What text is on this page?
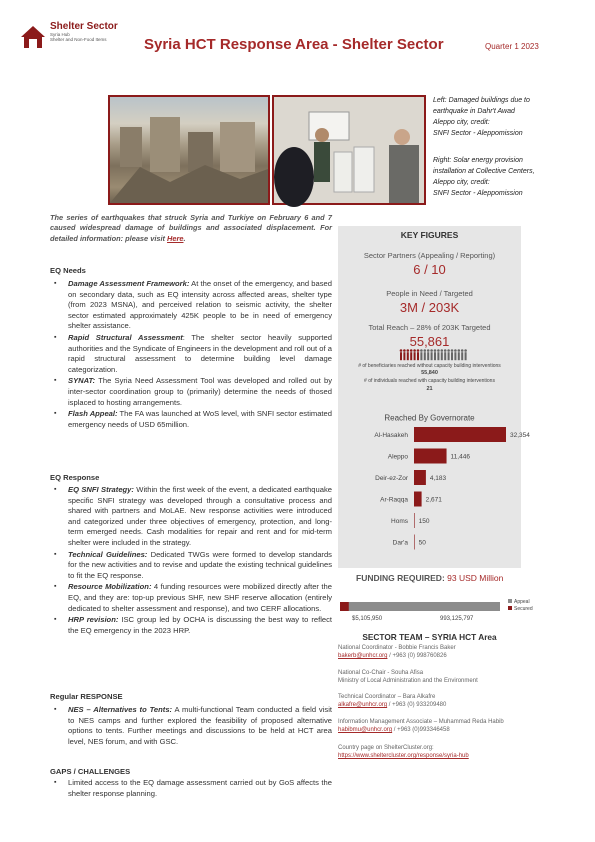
Shelter Sector
Syria Hub
Shelter and Non-Food Items	Syria HCT Response Area - Shelter Sector	Quarter 1 2023
Left: Damaged buildings due to
earthquake in Dahr't Awad
Aleppo city, credit:
SNFI Sector - Aleppomission
Right: Solar energy provision
installation at Collective Centers,
Aleppo city, credit:
SNFI Sector - Aleppomission
The series of earthquakes that struck Syria and Turkiye on February 6 and 7 caused widespread damage of buildings and associated displacement. For detailed information: please visit Here.
EQ Needs
▪ Damage Assessment Framework: At the onset of the emergency, and based on secondary data, such as EQ intensity across affected areas, shelter type (from 2023 MSNA), and perceived relation to seismic activity, the shelter sector estimated approximately 425K people to be in need of emergency shelter assistance.
▪ Rapid Structural Assessment: The shelter sector heavily supported authorities and the Syndicate of Engineers in the development and roll out of a rapid structural assessment to determine building level damage categorization.
▪ SYNAT: The Syria Need Assessment Tool was developed and rolled out by inter-sector coordination group to (primarily) determine the needs of thosed isplaced to hosting arrangements.
▪ Flash Appeal: The FA was launched at WoS level, with SNFI sector estimated emergency needs of USD 65million.
EQ Response
▪ EQ SNFI Strategy: Within the first week of the event, a dedicated earthquake specific SNFI strategy was developed through a consultative process and shared with partners and MoLAE. New response activities were introduced and categorized under three objectives of emergency, protection, and long-term emerged needs. Cash modalities for repair and rent and for mid-term shelter were included in the strategy.
▪ Technical Guidelines: Dedicated TWGs were formed to develop standards for the new activities and to revise and update the existing technical guidelines to fit the EQ response.
▪ Resource Mobilization: 4 funding resources were mobilized directly after the EQ, and they are: top-up previous SHF, new SHF reserve allocation (entirely dedicated to shelter assessment and response), and two CERF allocations.
▪ HRP revision: ISC group led by OCHA is discussing the best way to reflect the EQ emergency in the 2023 HRP.
Regular RESPONSE
▪ NES – Alternatives to Tents: A multi-functional Team conducted a field visit to NES camps and further explored the feasibility of proposed alternative options to tents. Further meetings and discussions to be held at HCT area level, NES forum, and with GSC.
GAPS / CHALLENGES
▪ Limited access to the EQ damage assessment carried out by GoS affects the shelter response planning.
KEY FIGURES
Sector Partners (Appealing / Reporting)
6 / 10
People in Need / Targeted
3M / 203K
Total Reach – 28% of 203K Targeted
55,861
# of beneficiaries reached without capacity building interventions
55,840
# of individuals reached with capacity building interventions
21
Reached By Governorate
Al-Hasakeh	32,354
Aleppo	11,446
Deir-ez-Zor	4,183
Ar-Raqqa	2,671
Homs 150
Dar'a 50
FUNDING REQUIRED: 93 USD Million
$5,105,950	993,125,797
Appeal
Secured
SECTOR TEAM – SYRIA HCT Area
National Coordinator - Bobbie Francis Baker
bakerb@unhcr.org / +963 (0) 998760826
National Co-Chair - Souha Afisa
Ministry of Local Administration and the Environment
Technical Coordinator – Bara Alkafre
alkafre@unhcr.org / +963 (0) 933209480
Information Management Associate – Muhammad Reda Habib
habibmu@unhcr.org / +963 (0)993346458
Country page on ShelterCluster.org:
https://www.sheltercluster.org/response/syria-hub
